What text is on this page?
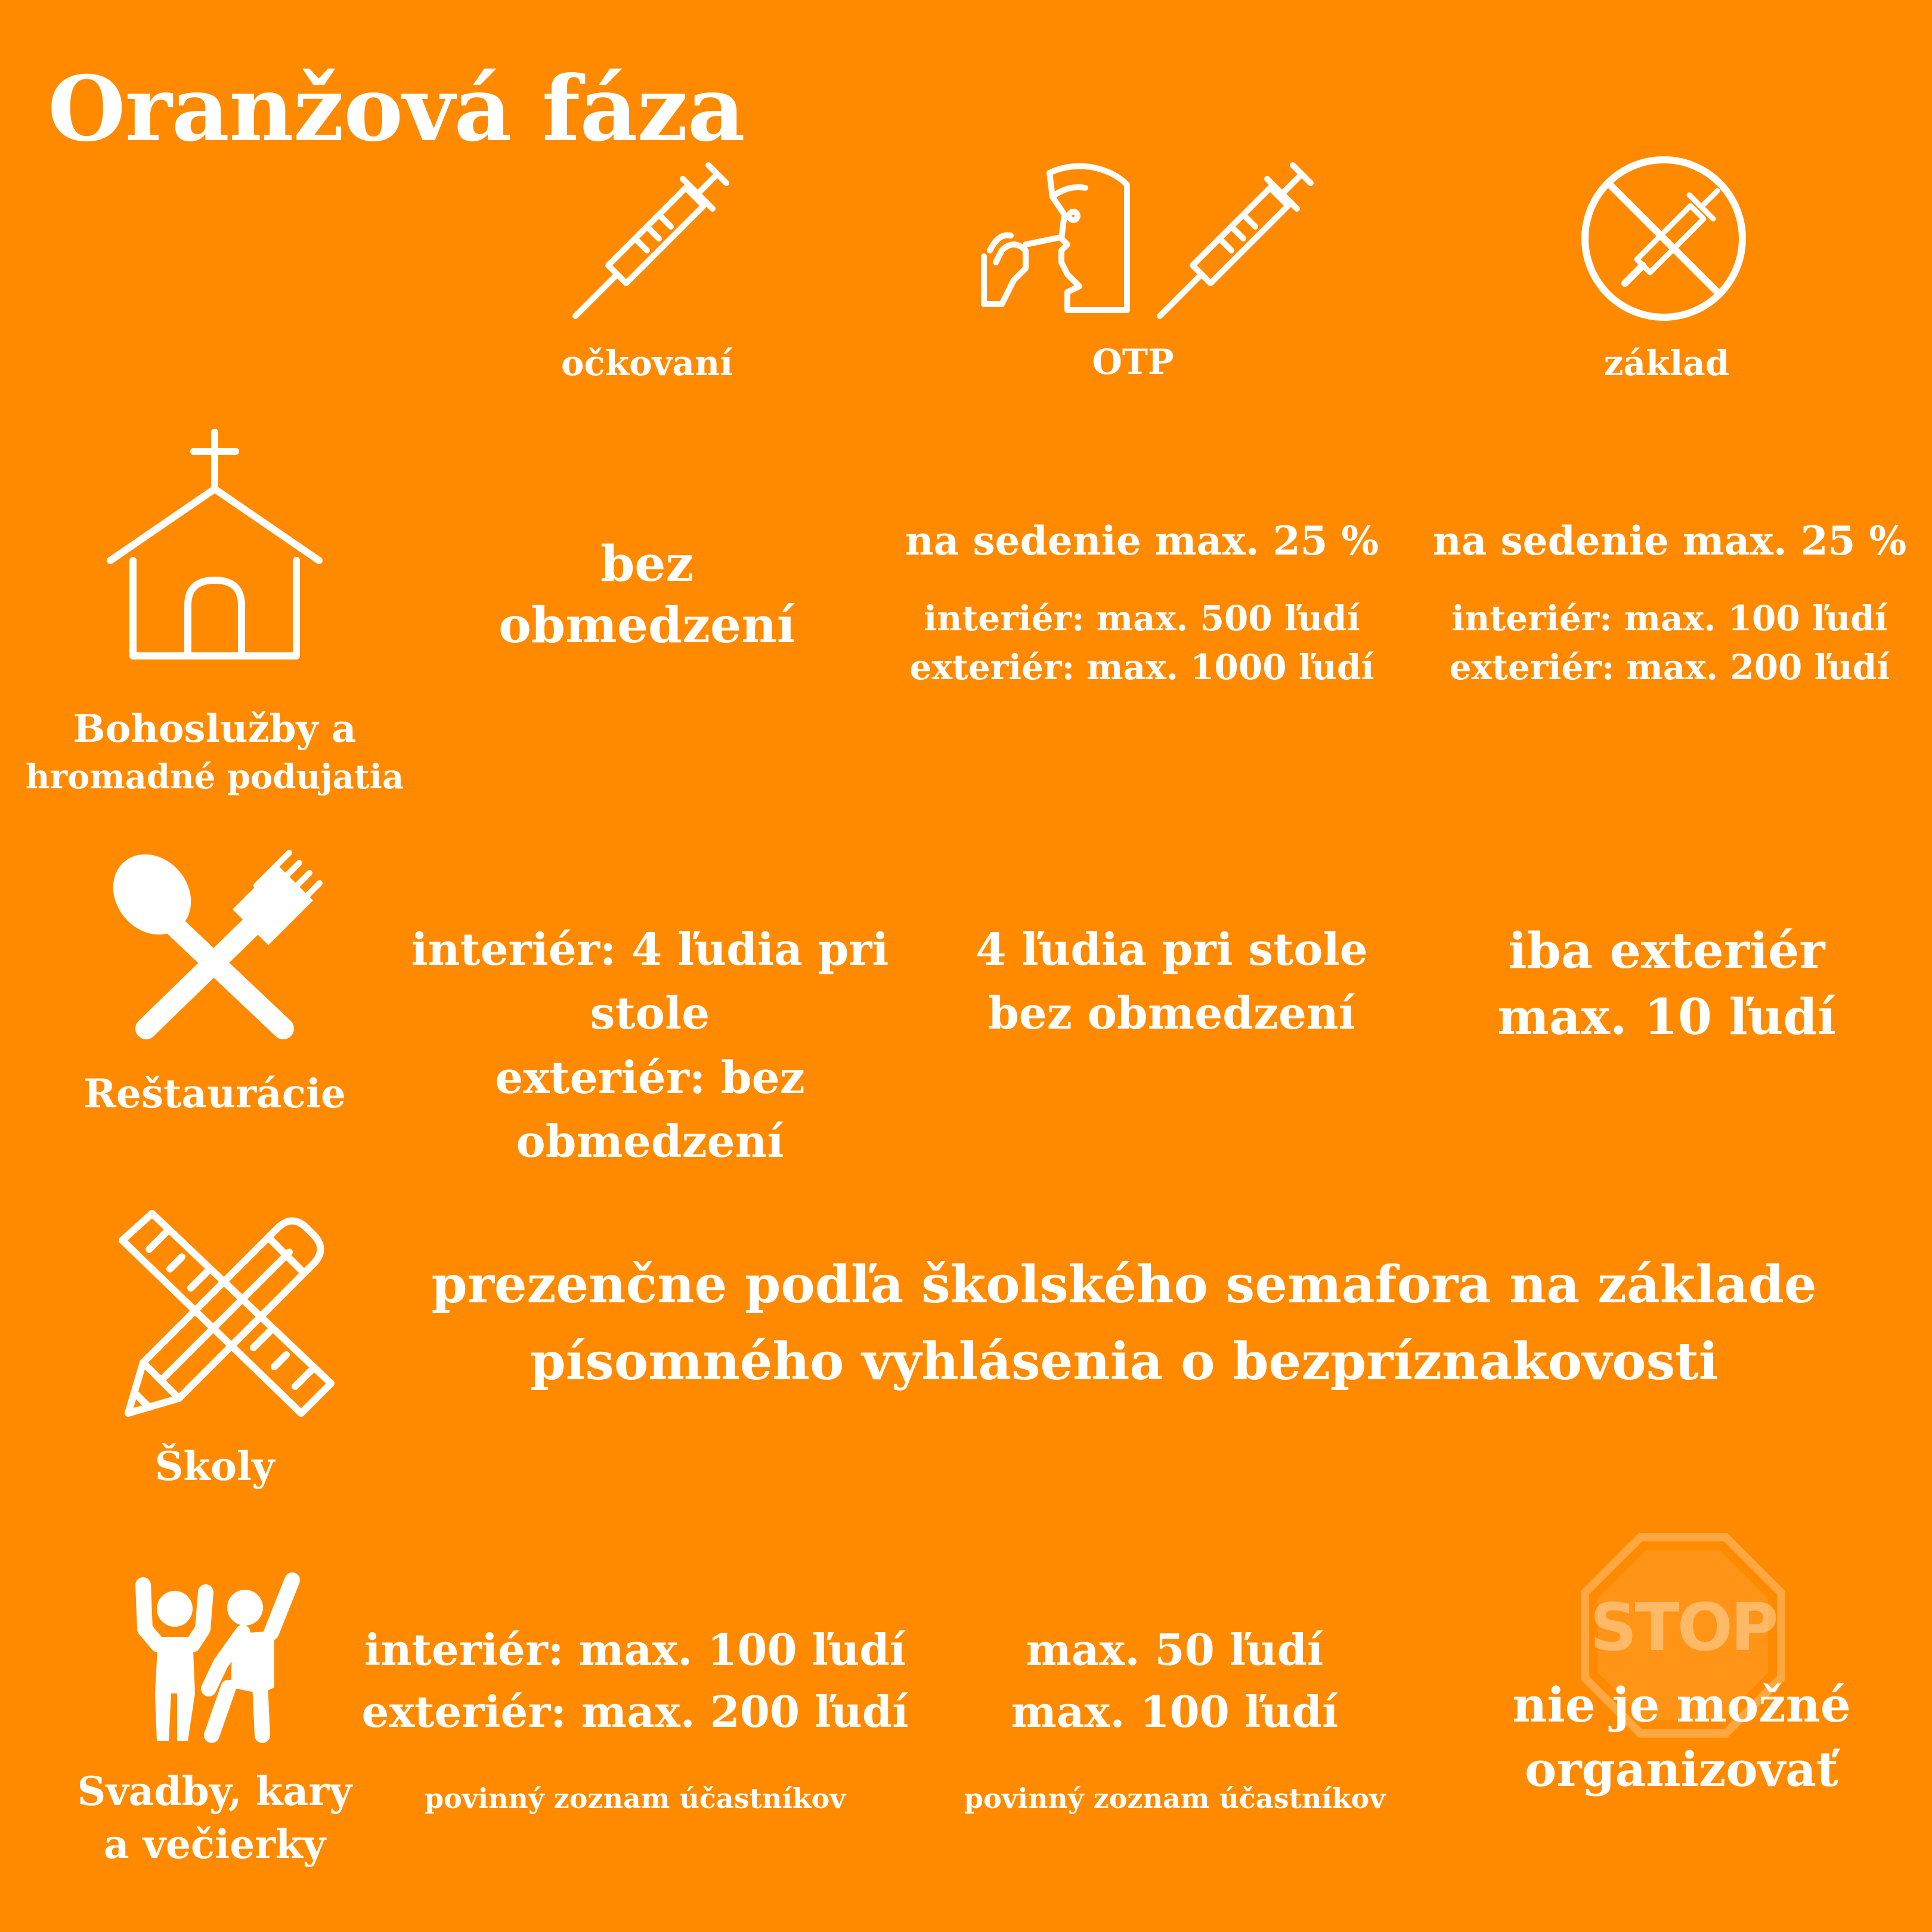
Oranžová fáza
očkovaní	OTP	základ
Bohoslužby a
hromadné podujatia
bez
obmedzení
na sedenie max. 25 %
interiér: max. 500 ľudí
exteriér: max. 1000 ľudí
na sedenie max. 25 %
interiér: max. 100 ľudí
exteriér: max. 200 ľudí
Reštaurácie
interiér: 4 ľudia pri stole
exteriér: bez obmedzení
4 ľudia pri stole
bez obmedzení
iba exteriér
max. 10 ľudí
Školy
prezenčne podľa školského semafora na základe
písomného vyhlásenia o bezpríznakovosti
Svadby, kary
a večierky
interiér: max. 100 ľudí
exteriér: max. 200 ľudí
povinný zoznam účastníkov
max. 50 ľudí
max. 100 ľudí
povinný zoznam účastníkov
STOP
nie je možné
organizovať
